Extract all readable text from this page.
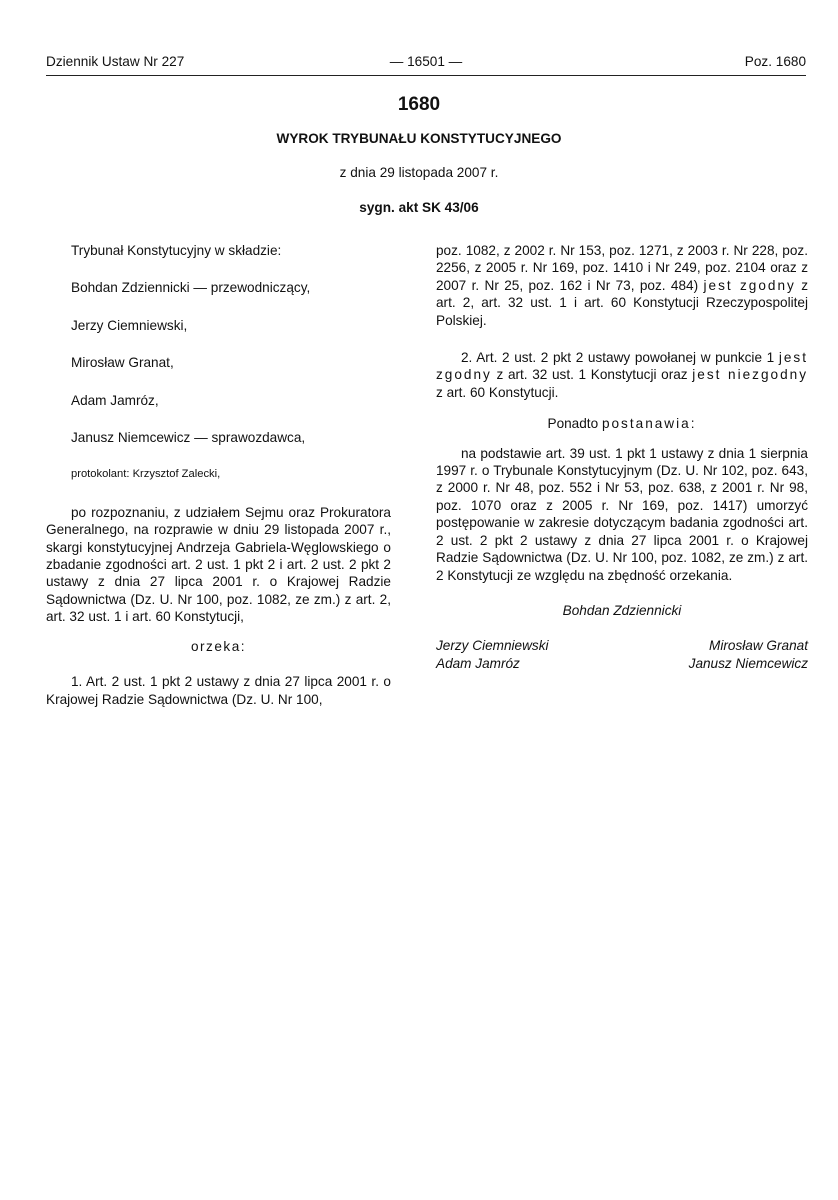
Dziennik Ustaw Nr 227	— 16501 —	Poz. 1680
1680
WYROK TRYBUNAŁU KONSTYTUCYJNEGO
z dnia 29 listopada 2007 r.
sygn. akt SK 43/06

Trybunał Konstytucyjny w składzie:

Bohdan Zdziennicki — przewodniczący,

Jerzy Ciemniewski,

Mirosław Granat,

Adam Jamróz,

Janusz Niemcewicz — sprawozdawca,

protokolant: Krzysztof Zalecki,

po rozpoznaniu, z udziałem Sejmu oraz Prokuratora Generalnego, na rozprawie w dniu 29 listopada 2007 r., skargi konstytucyjnej Andrzeja Gabriela-Węglowskiego o zbadanie zgodności art. 2 ust. 1 pkt 2 i art. 2 ust. 2 pkt 2 ustawy z dnia 27 lipca 2001 r. o Krajowej Radzie Sądownictwa (Dz. U. Nr 100, poz. 1082, ze zm.) z art. 2, art. 32 ust. 1 i art. 60 Konstytucji,

orzeka:

1. Art. 2 ust. 1 pkt 2 ustawy z dnia 27 lipca 2001 r. o Krajowej Radzie Sądownictwa (Dz. U. Nr 100,

poz. 1082, z 2002 r. Nr 153, poz. 1271, z 2003 r. Nr 228, poz. 2256, z 2005 r. Nr 169, poz. 1410 i Nr 249, poz. 2104 oraz z 2007 r. Nr 25, poz. 162 i Nr 73, poz. 484) jest zgodny z art. 2, art. 32 ust. 1 i art. 60 Konstytucji Rzeczypospolitej Polskiej.

2. Art. 2 ust. 2 pkt 2 ustawy powołanej w punkcie 1 jest zgodny z art. 32 ust. 1 Konstytucji oraz jest niezgodny z art. 60 Konstytucji.

Ponadto postanawia:

na podstawie art. 39 ust. 1 pkt 1 ustawy z dnia 1 sierpnia 1997 r. o Trybunale Konstytucyjnym (Dz. U. Nr 102, poz. 643, z 2000 r. Nr 48, poz. 552 i Nr 53, poz. 638, z 2001 r. Nr 98, poz. 1070 oraz z 2005 r. Nr 169, poz. 1417) umorzyć postępowanie w zakresie dotyczącym badania zgodności art. 2 ust. 2 pkt 2 ustawy z dnia 27 lipca 2001 r. o Krajowej Radzie Sądownictwa (Dz. U. Nr 100, poz. 1082, ze zm.) z art. 2 Konstytucji ze względu na zbędność orzekania.

Bohdan Zdziennicki
Jerzy Ciemniewski	Mirosław Granat
Adam Jamróz	Janusz Niemcewicz
